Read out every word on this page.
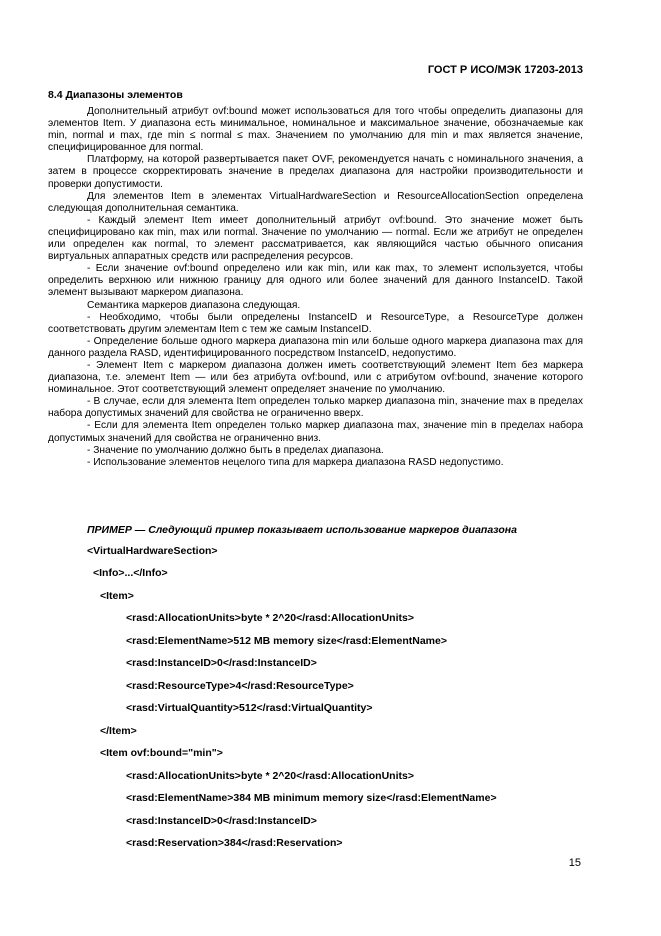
ГОСТ Р ИСО/МЭК 17203-2013
8.4 Диапазоны элементов

Дополнительный атрибут ovf:bound может использоваться для того чтобы определить диапазоны для элементов Item. У диапазона есть минимальное, номинальное и максимальное значение, обозначаемые как min, normal и max, где min ≤ normal ≤ max. Значением по умолчанию для min и max является значение, специфицированное для normal.

Платформу, на которой развертывается пакет OVF, рекомендуется начать с номинального значения, а затем в процессе скорректировать значение в пределах диапазона для настройки производительности и проверки допустимости.

Для элементов Item в элементах VirtualHardwareSection и ResourceAllocationSection определена следующая дополнительная семантика.

- Каждый элемент Item имеет дополнительный атрибут ovf:bound. Это значение может быть специфицировано как min, max или normal. Значение по умолчанию — normal. Если же атрибут не определен или определен как normal, то элемент рассматривается, как являющийся частью обычного описания виртуальных аппаратных средств или распределения ресурсов.

- Если значение ovf:bound определено или как min, или как max, то элемент используется, чтобы определить верхнюю или нижнюю границу для одного или более значений для данного InstanceID. Такой элемент вызывают маркером диапазона.

Семантика маркеров диапазона следующая.

- Необходимо, чтобы были определены InstanceID и ResourceType, а ResourceType должен соответствовать другим элементам Item с тем же самым InstanceID.

- Определение больше одного маркера диапазона min или больше одного маркера диапазона max для данного раздела RASD, идентифицированного посредством InstanceID, недопустимо.

- Элемент Item с маркером диапазона должен иметь соответствующий элемент Item без маркера диапазона, т.е. элемент Item — или без атрибута ovf:bound, или с атрибутом ovf:bound, значение которого номинальное. Этот соответствующий элемент определяет значение по умолчанию.

- В случае, если для элемента Item определен только маркер диапазона min, значение max в пределах набора допустимых значений для свойства не ограниченно вверх.

- Если для элемента Item определен только маркер диапазона max, значение min в пределах набора допустимых значений для свойства не ограниченно вниз.

- Значение по умолчанию должно быть в пределах диапазона.

- Использование элементов нецелого типа для маркера диапазона RASD недопустимо.

ПРИМЕР — Следующий пример показывает использование маркеров диапазона
<VirtualHardwareSection>
<Info>...</Info>
<Item>
<rasd:AllocationUnits>byte * 2^20</rasd:AllocationUnits>
<rasd:ElementName>512 MB memory size</rasd:ElementName>
<rasd:InstanceID>0</rasd:InstanceID>
<rasd:ResourceType>4</rasd:ResourceType>
<rasd:VirtualQuantity>512</rasd:VirtualQuantity>
</Item>
<Item ovf:bound="min">
<rasd:AllocationUnits>byte * 2^20</rasd:AllocationUnits>
<rasd:ElementName>384 MB minimum memory size</rasd:ElementName>
<rasd:InstanceID>0</rasd:InstanceID>
<rasd:Reservation>384</rasd:Reservation>
15
